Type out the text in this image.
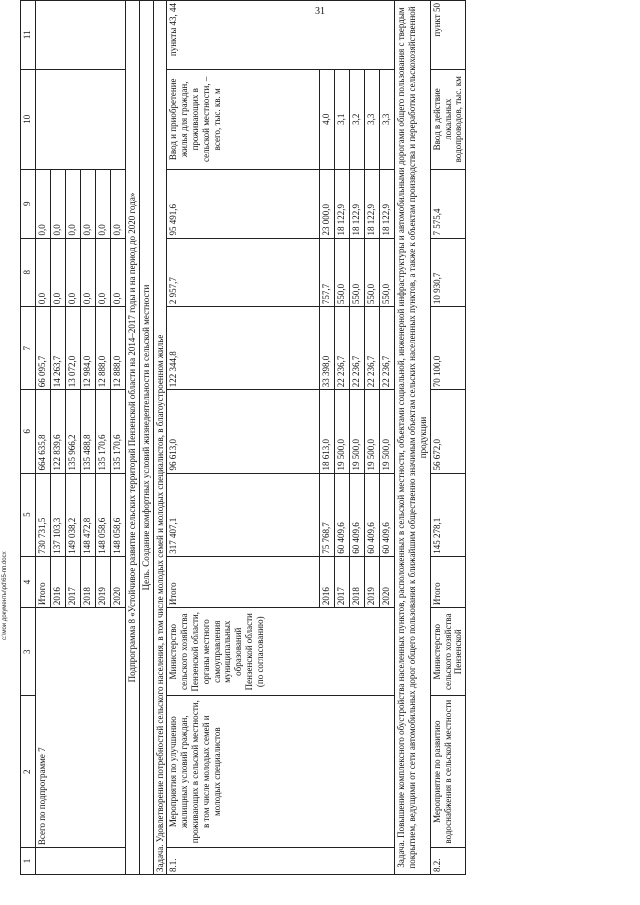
31
с:\мои документы\pd\65-пп.docx
1	2	3	4	5	6	7	8	9	10	11
	Всего по подпрограмме 7		Итого	730 731,5	664 635,8	66 095,7	0,0	0,0		
			2016	137 103,3	122 839,6	14 263,7	0,0	0,0		
			2017	149 038,2	135 966,2	13 072,0	0,0	0,0		
			2018	148 472,8	135 488,8	12 984,0	0,0	0,0		
			2019	148 058,6	135 170,6	12 888,0	0,0	0,0		
			2020	148 058,6	135 170,6	12 888,0	0,0	0,0		
Подпрограмма 8 «Устойчивое развитие сельских территорий Пензенской области на 2014–2017 годы и на период до 2020 года»										
Цель. Создание комфортных условий жизнедеятельности в сельской местности										
Задача. Удовлетворение потребностей сельского населения, в том числе молодых семей и молодых специалистов, в благоустроенном жилье										
8.1.	Мероприятия по улучшению жилищных условий граждан, проживающих в сельской местности, в том числе молодых семей и молодых специалистов	Министерство сельского хозяйства Пензенской области, органы местного самоуправления муниципальных образований Пензенской области (по согласованию)	Итого	317 407,1	96 613,0	122 344,8	2 957,7	95 491,6	Ввод и приобретение жилья для граждан, проживающих в сельской местности, – всего, тыс. кв. м	пункты 43, 44
			2016	75 768,7	18 613,0	33 398,0	757,7	23 000,0	4,0	
			2017	60 409,6	19 500,0	22 236,7	550,0	18 122,9	3,1	
			2018	60 409,6	19 500,0	22 236,7	550,0	18 122,9	3,2	
			2019	60 409,6	19 500,0	22 236,7	550,0	18 122,9	3,3	
			2020	60 409,6	19 500,0	22 236,7	550,0	18 122,9	3,3	
Задача. Повышение комплексного обустройства населенных пунктов, расположенных в сельской местности, объектами социальной, инженерной инфраструктуры и автомобильными дорогами общего пользования с твердым покрытием, ведущими от сети автомобильных дорог общего пользования к ближайшим общественно значимым объектам сельских населенных пунктов, а также к объектам производства и переработки сельскохозяйственной продукции										
8.2.	Мероприятие по развитию водоснабжения в сельской местности	Министерство сельского хозяйства Пензенской	Итого	145 278,1	56 672,0	70 100,0	10 930,7	7 575,4	Ввод в действие локальных водопроводов, тыс. км	пункт 50
